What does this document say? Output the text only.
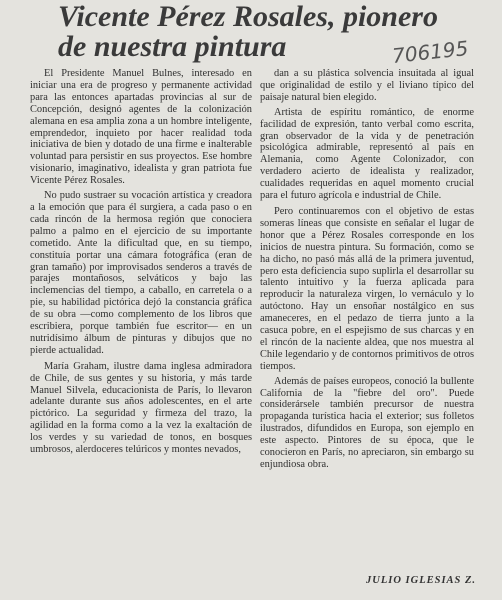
Vicente Pérez Rosales, pionero
de nuestra pintura	706195

El Presidente Manuel Bulnes, interesado en iniciar una era de progreso y permanente actividad para las entonces apartadas provincias al sur de Concepción, designó agentes de la colonización alemana en esa amplia zona a un hombre inteligente, emprendedor, inquieto por hacer realidad toda iniciativa de bien y dotado de una firme e inalterable voluntad para persistir en sus proyectos. Ese hombre visionario, imaginativo, idealista y gran patriota fue Vicente Pérez Rosales.

No pudo sustraer su vocación artística y creadora a la emoción que para él surgiera, a cada paso o en cada rincón de la hermosa región que conociera palmo a palmo en el ejercicio de su importante cometido. Ante la dificultad que, en su tiempo, constituía portar una cámara fotográfica (eran de gran tamaño) por improvisados senderos a través de parajes montañosos, selváticos y bajo las inclemencias del tiempo, a caballo, en carretela o a pie, su habilidad pictórica dejó la constancia gráfica de su obra —como complemento de los libros que escribiera, porque también fue escritor— en un nutridísimo álbum de pinturas y dibujos que no pierde actualidad.

María Graham, ilustre dama inglesa admiradora de Chile, de sus gentes y su historia, y más tarde Manuel Silvela, educacionista de París, lo llevaron adelante durante sus años adolescentes, en el arte pictórico. La seguridad y firmeza del trazo, la agilidad en la forma como a la vez la exaltación de los verdes y su variedad de tonos, en bosques umbrosos, alerdoceres telúricos y montes nevados,

dan a su plástica solvencia insuitada al igual que originalidad de estilo y el liviano típico del paisaje natural bien elegido.

Artista de espíritu romántico, de enorme facilidad de expresión, tanto verbal como escrita, gran observador de la vida y de penetración psicológica admirable, representó al país en Alemania, como Agente Colonizador, con verdadero acierto de idealista y realizador, cualidades requeridas en aquel momento crucial para el futuro agrícola e industrial de Chile.

Pero continuaremos con el objetivo de estas someras líneas que consiste en señalar el lugar de honor que a Pérez Rosales corresponde en los inicios de nuestra pintura. Su formación, como se ha dicho, no pasó más allá de la primera juventud, pero esta deficiencia supo suplirla el desarrollar su talento intuitivo y la fuerza aplicada para reproducir la naturaleza virgen, lo vernáculo y lo autóctono. Hay un ensoñar nostálgico en sus amaneceres, en el pedazo de tierra junto a la casuca pobre, en el espejismo de sus charcas y en el rincón de la naciente aldea, que nos muestra al Chile legendario y de contornos primitivos de otros tiempos.

Además de países europeos, conoció la bullente California de la "fiebre del oro". Puede considerársele también precursor de nuestra propaganda turística hacia el exterior; sus folletos ilustrados, difundidos en Europa, son ejemplo en este aspecto. Pintores de su época, que le conocieron en París, no apreciaron, sin embargo su enjundiosa obra.

JULIO IGLESIAS Z.
